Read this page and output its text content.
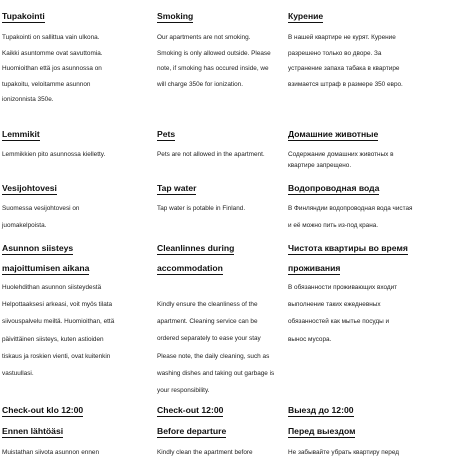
Tupakointi
Tupakointi on sallittua vain ulkona.
Kaikki asuntomme ovat savuttomia.
Huomioithan että jos asunnossa on
tupakoitu, veloitamme asunnon
ionizonnista 350e.
Smoking
Our apartments are not smoking.
Smoking is only allowed outside. Please
note, if smoking has occured inside, we
will charge 350e for ionization.
Курение
В нашей квартире не курят. Курение
разрешено только во дворе. За
устранение запаха табака в квартире
взимается штраф в размере 350 евро.
Lemmikit
Lemmikkien pito asunnossa kielletty.
Pets
Pets are not allowed in the apartment.
Домашние животные
Содержание домашних животных в
квартире запрещено.
Vesijohtovesi
Suomessa vesijohtovesi on
juomakelpoista.
Tap water
Tap water is potable in Finland.
Водопроводная вода
В Финляндии водопроводная вода чистая
и её можно пить из-под крана.
Asunnon siisteys
majoittumisen aikana
Huolehdithan asunnon siisteydestä
Helpottaaksesi arkeasi, voit myös tilata
siivouspalvelu meiltä. Huomioithan, että
päivittäinen siisteys, kuten astioiden
tiskaus ja roskien vienti, ovat kuitenkin
vastuullasi.
Cleanlinnes during
accommodation
Kindly ensure the cleanliness of the
apartment. Cleaning service can be
ordered separately to ease your stay
Please note, the daily cleaning, such as
washing dishes and taking out garbage is
your responsibility.
Чистота квартиры во время
проживания
В обязанности проживающих входит
выполнение таких ежедневных
обязанностей как мытье посуды и
вынос мусора.
Check-out klo 12:00	Check-out 12:00	Выезд до 12:00
Ennen lähtöäsi
Muistathan siivota asunnon ennen
Before departure
Kindly clean the apartment before
Перед выездом
Не забывайте убрать квартиру перед
